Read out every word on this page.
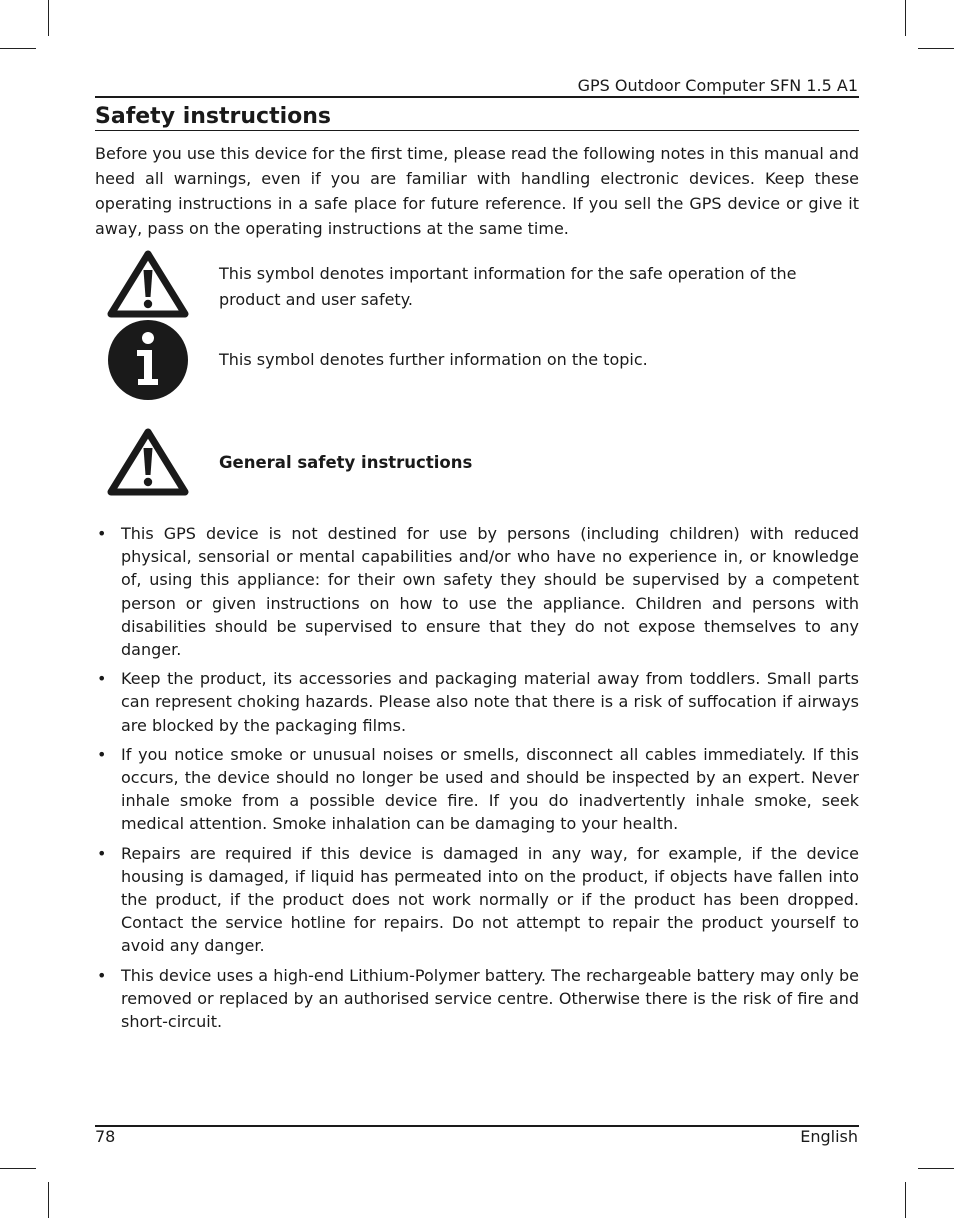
GPS Outdoor Computer SFN 1.5 A1
Safety instructions

Before you use this device for the first time, please read the following notes in this manual and heed all warnings, even if you are familiar with handling electronic devices. Keep these operating instructions in a safe place for future reference. If you sell the GPS device or give it away, pass on the operating instructions at the same time.

This symbol denotes important information for the safe operation of the product and user safety.

This symbol denotes further information on the topic.

General safety instructions
• This GPS device is not destined for use by persons (including children) with reduced physical, sensorial or mental capabilities and/or who have no experience in, or knowledge of, using this appliance: for their own safety they should be supervised by a competent person or given instructions on how to use the appliance. Children and persons with disabilities should be supervised to ensure that they do not expose themselves to any danger.
• Keep the product, its accessories and packaging material away from toddlers. Small parts can represent choking hazards. Please also note that there is a risk of suffocation if airways are blocked by the packaging films.
• If you notice smoke or unusual noises or smells, disconnect all cables immediately. If this occurs, the device should no longer be used and should be inspected by an expert. Never inhale smoke from a possible device fire. If you do inadvertently inhale smoke, seek medical attention. Smoke inhalation can be damaging to your health.
• Repairs are required if this device is damaged in any way, for example, if the device housing is damaged, if liquid has permeated into on the product, if objects have fallen into the product, if the product does not work normally or if the product has been dropped. Contact the service hotline for repairs. Do not attempt to repair the product yourself to avoid any danger.
• This device uses a high-end Lithium-Polymer battery. The rechargeable battery may only be removed or replaced by an authorised service centre. Otherwise there is the risk of fire and short-circuit.
78	English
